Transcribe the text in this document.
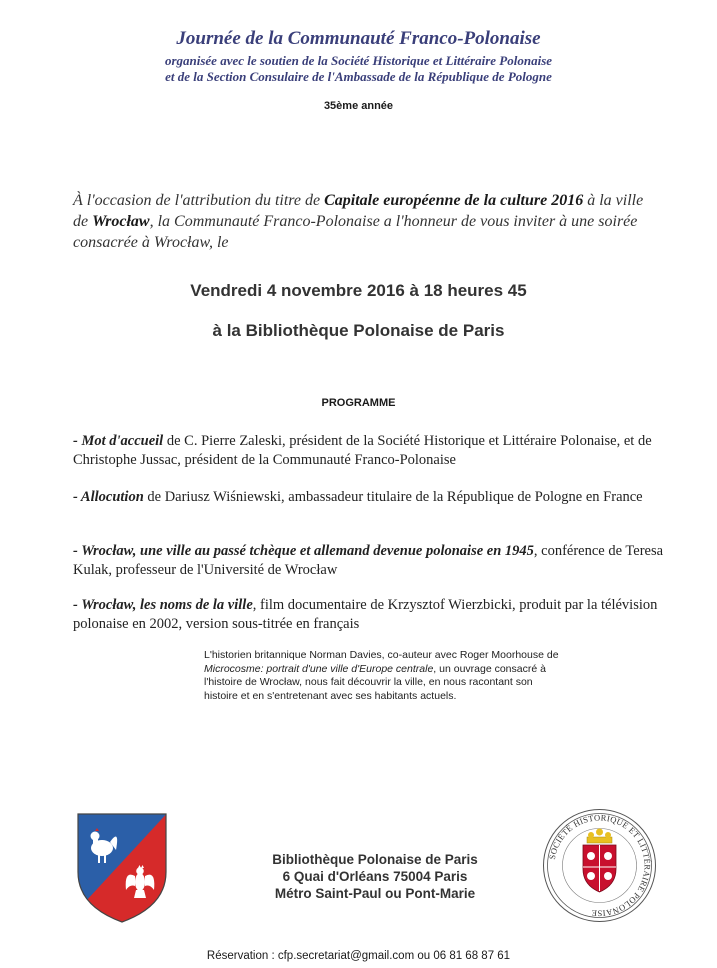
Journée de la Communauté Franco-Polonaise
organisée avec le soutien de la Société Historique et Littéraire Polonaise
et de la Section Consulaire de l'Ambassade de la République de Pologne
35ème année
À l'occasion de l'attribution du titre de Capitale européenne de la culture 2016 à la ville de Wrocław, la Communauté Franco-Polonaise a l'honneur de vous inviter à une soirée consacrée à Wrocław, le
Vendredi 4 novembre 2016 à 18 heures 45
à la Bibliothèque Polonaise de Paris
PROGRAMME
- Mot d'accueil de C. Pierre Zaleski, président de la Société Historique et Littéraire Polonaise, et de Christophe Jussac, président de la Communauté Franco-Polonaise
- Allocution de Dariusz Wiśniewski, ambassadeur titulaire de la République de Pologne en France
- Wrocław, une ville au passé tchèque et allemand devenue polonaise en 1945, conférence de Teresa Kulak, professeur de l'Université de Wrocław
- Wrocław, les noms de la ville, film documentaire de Krzysztof Wierzbicki, produit par la télévision polonaise en 2002, version sous-titrée en français
L'historien britannique Norman Davies, co-auteur avec Roger Moorhouse de Microcosme: portrait d'une ville d'Europe centrale, un ouvrage consacré à l'histoire de Wrocław, nous fait découvrir la ville, en nous racontant son histoire et en s'entretenant avec ses habitants actuels.
Bibliothèque Polonaise de Paris
6 Quai d'Orléans 75004 Paris
Métro Saint-Paul ou Pont-Marie
SOCIÉTÉ HISTORIQUE ET LITTÉRAIRE POLONAISE
Réservation : cfp.secretariat@gmail.com ou 06 81 68 87 61
